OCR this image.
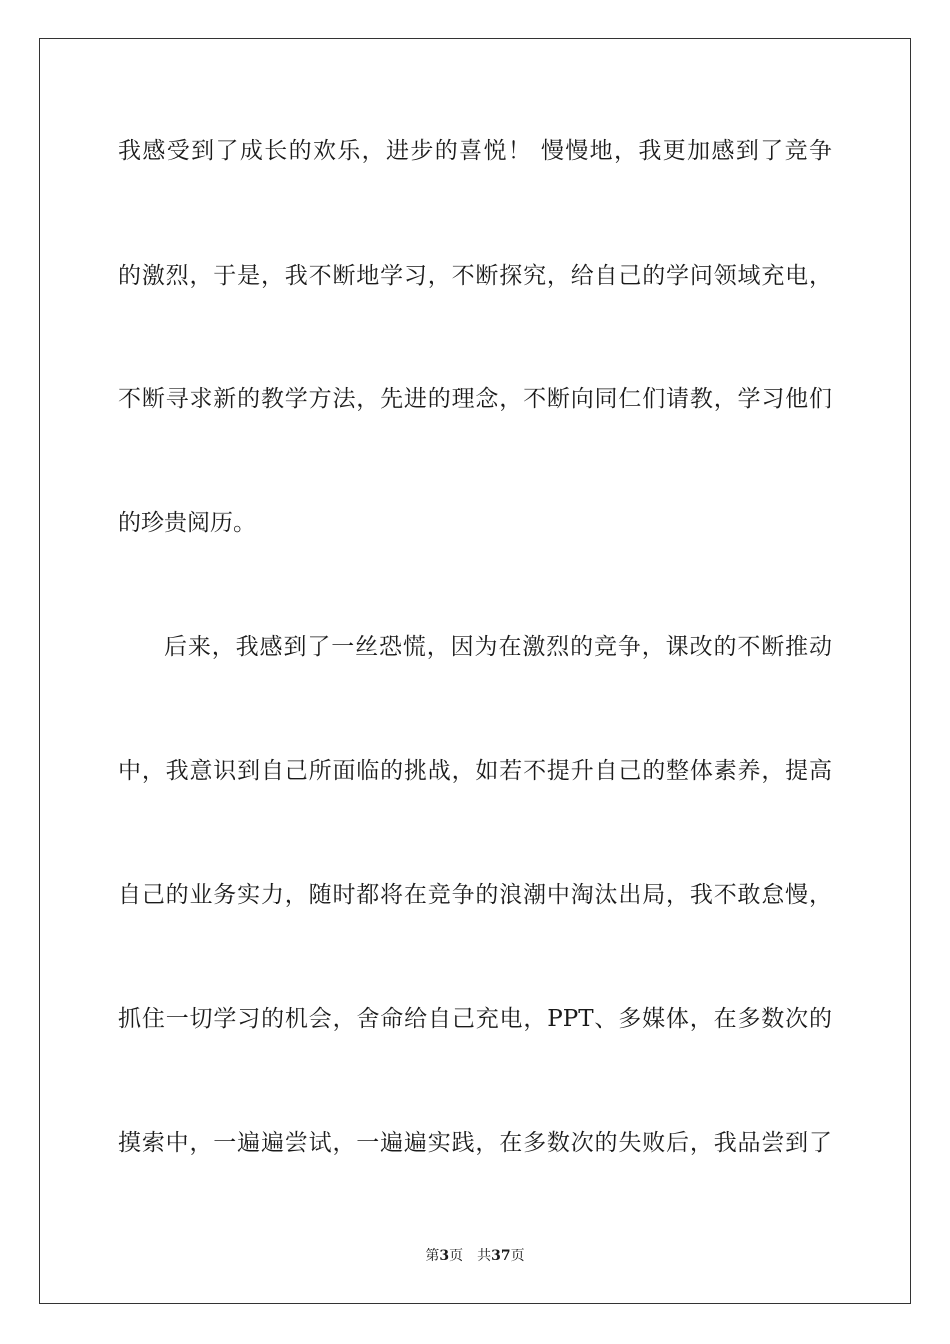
我感受到了成长的欢乐，进步的喜悦！ 慢慢地，我更加感到了竞争
的激烈，于是，我不断地学习，不断探究，给自己的学问领域充电，
不断寻求新的教学方法，先进的理念，不断向同仁们请教，学习他们
的珍贵阅历。
后来，我感到了一丝恐慌，因为在激烈的竞争，课改的不断推动
中，我意识到自己所面临的挑战，如若不提升自己的整体素养，提高
自己的业务实力，随时都将在竞争的浪潮中淘汰出局，我不敢怠慢，
抓住一切学习的机会，舍命给自己充电，PPT、多媒体，在多数次的
摸索中，一遍遍尝试，一遍遍实践，在多数次的失败后，我品尝到了
第3页 共37页
